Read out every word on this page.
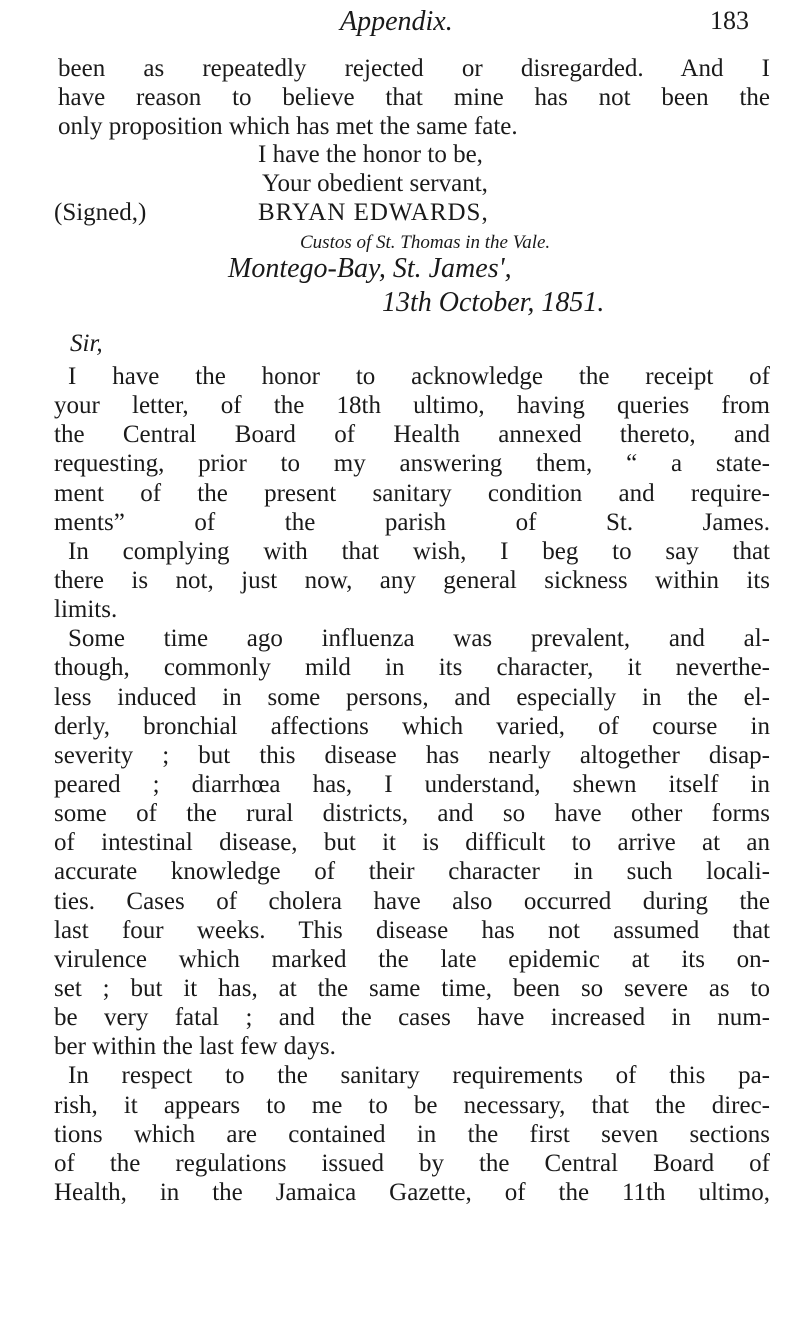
Appendix.	183
been as repeatedly rejected or disregarded. And I
have reason to believe that mine has not been the
only proposition which has met the same fate.
I have the honor to be,
Your obedient servant,
(Signed,)	BRYAN EDWARDS,
Custos of St. Thomas in the Vale.
Montego-Bay, St. James',
13th October, 1851.
Sir,
I have the honor to acknowledge the receipt of
your letter, of the 18th ultimo, having queries from
the Central Board of Health annexed thereto, and
requesting, prior to my answering them, “ a state-
ment of the present sanitary condition and require-
ments” of the parish of St. James.
In complying with that wish, I beg to say that
there is not, just now, any general sickness within its
limits.
Some time ago influenza was prevalent, and al-
though, commonly mild in its character, it neverthe-
less induced in some persons, and especially in the el-
derly, bronchial affections which varied, of course in
severity ; but this disease has nearly altogether disap-
peared ; diarrhœa has, I understand, shewn itself in
some of the rural districts, and so have other forms
of intestinal disease, but it is difficult to arrive at an
accurate knowledge of their character in such locali-
ties. Cases of cholera have also occurred during the
last four weeks. This disease has not assumed that
virulence which marked the late epidemic at its on-
set ; but it has, at the same time, been so severe as to
be very fatal ; and the cases have increased in num-
ber within the last few days.
In respect to the sanitary requirements of this pa-
rish, it appears to me to be necessary, that the direc-
tions which are contained in the first seven sections
of the regulations issued by the Central Board of
Health, in the Jamaica Gazette, of the 11th ultimo,
